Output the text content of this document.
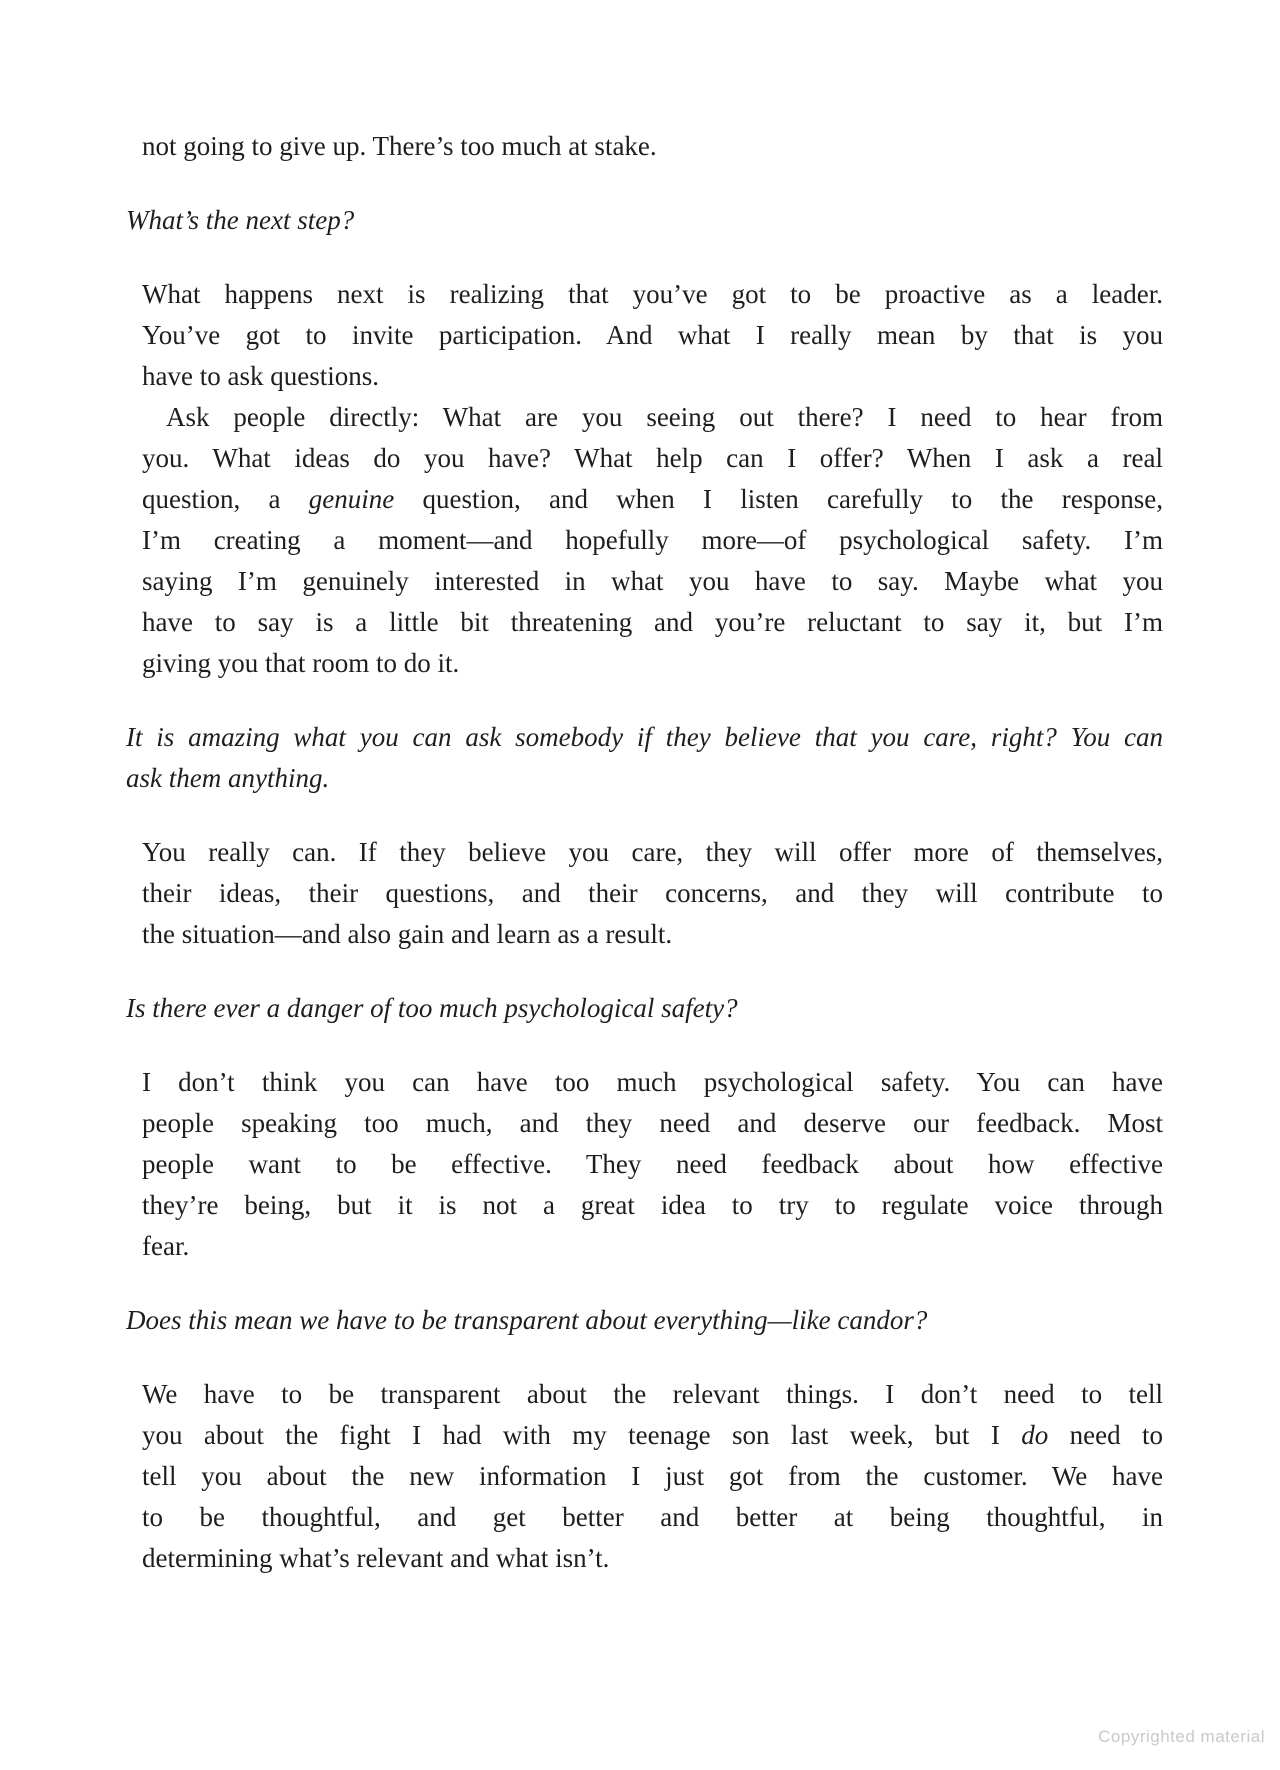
not going to give up. There’s too much at stake.
What’s the next step?
What happens next is realizing that you’ve got to be proactive as a leader.
You’ve got to invite participation. And what I really mean by that is you
have to ask questions.
Ask people directly: What are you seeing out there? I need to hear from
you. What ideas do you have? What help can I offer? When I ask a real
question, a genuine question, and when I listen carefully to the response,
I’m creating a moment—and hopefully more—of psychological safety. I’m
saying I’m genuinely interested in what you have to say. Maybe what you
have to say is a little bit threatening and you’re reluctant to say it, but I’m
giving you that room to do it.
It is amazing what you can ask somebody if they believe that you care, right? You can
ask them anything.
You really can. If they believe you care, they will offer more of themselves,
their ideas, their questions, and their concerns, and they will contribute to
the situation—and also gain and learn as a result.
Is there ever a danger of too much psychological safety?
I don’t think you can have too much psychological safety. You can have
people speaking too much, and they need and deserve our feedback. Most
people want to be effective. They need feedback about how effective
they’re being, but it is not a great idea to try to regulate voice through
fear.
Does this mean we have to be transparent about everything—like candor?
We have to be transparent about the relevant things. I don’t need to tell
you about the fight I had with my teenage son last week, but I do need to
tell you about the new information I just got from the customer. We have
to be thoughtful, and get better and better at being thoughtful, in
determining what’s relevant and what isn’t.
Copyrighted material
